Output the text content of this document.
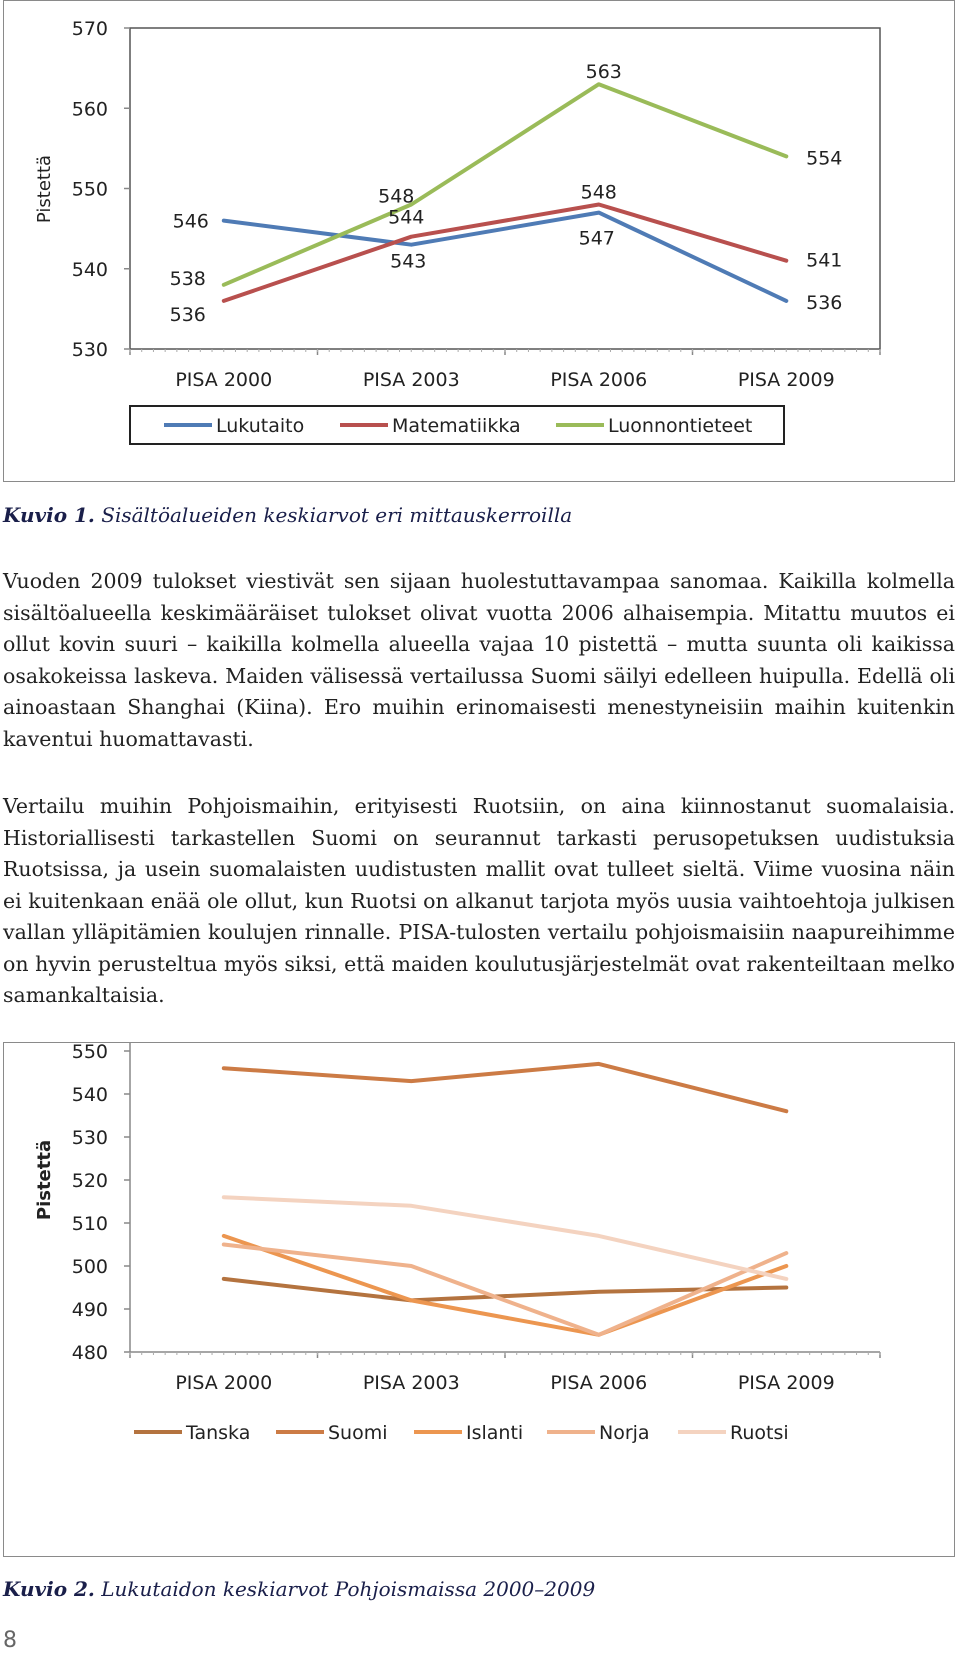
530
540
550
560
570
PISA 2000	PISA 2003	PISA 2006	PISA 2009
Pistettä	546
538
536
548
544
543
563
548
547
554
541
536
Lukutaito	Matematiikka	Luonnontieteet
Kuvio 1. Sisältöalueiden keskiarvot eri mittauskerroilla

Vuoden 2009 tulokset viestivät sen sijaan huolestuttavampaa sanomaa. Kaikilla kolmella sisältöalueella keskimääräiset tulokset olivat vuotta 2006 alhaisempia. Mitattu muutos ei ollut kovin suuri – kaikilla kolmella alueella vajaa 10 pistettä – mutta suunta oli kaikissa osakokeissa laskeva. Maiden välisessä vertailussa Suomi säilyi edelleen huipulla. Edellä oli ainoastaan Shanghai (Kiina). Ero muihin erinomaisesti menestyneisiin maihin kuitenkin kaventui huomattavasti.

Vertailu muihin Pohjoismaihin, erityisesti Ruotsiin, on aina kiinnostanut suomalaisia. Historiallisesti tarkastellen Suomi on seurannut tarkasti perusopetuksen uudistuksia Ruotsissa, ja usein suomalaisten uudistusten mallit ovat tulleet sieltä. Viime vuosina näin ei kuitenkaan enää ole ollut, kun Ruotsi on alkanut tarjota myös uusia vaihtoehtoja julkisen vallan ylläpitämien koulujen rinnalle. PISA-tulosten vertailu pohjoismaisiin naapureihimme on hyvin perusteltua myös siksi, että maiden koulutusjärjestelmät ovat rakenteiltaan melko samankaltaisia.

480
490
500
510
520
530
540
550
PISA 2000	PISA 2003	PISA 2006	PISA 2009
Pistettä
Tanska	Suomi	Islanti	Norja	Ruotsi
Kuvio 2. Lukutaidon keskiarvot Pohjoismaissa 2000–2009
8
